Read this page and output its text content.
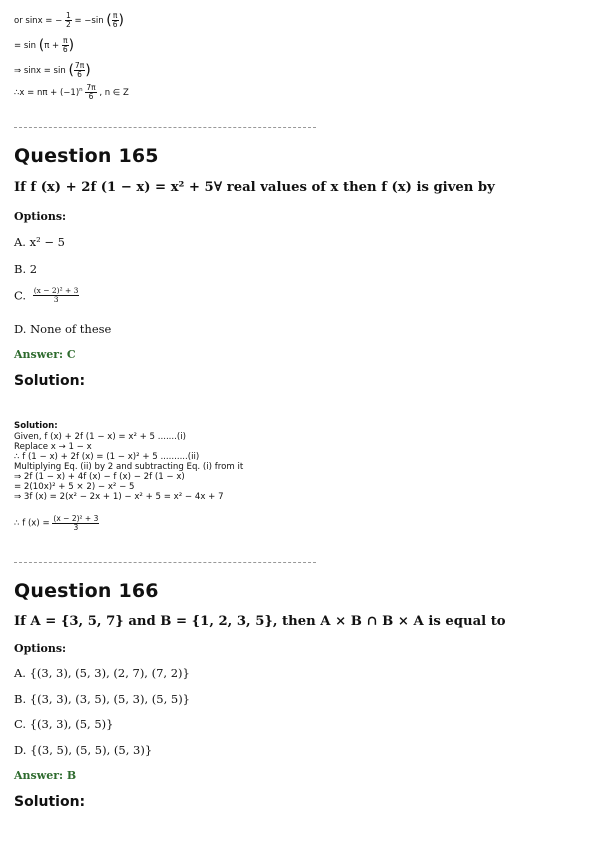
or sinx = − $\frac{1}{2} = -\sin$ ( $\frac{\pi}{6}$ )
= $\sin (\pi + \frac{\pi}{6}$ )
⇒ sinx = sin ( $\frac{7\pi}{6}$ )
∴x = $n\pi + (-1)^n \frac{7\pi}{6}$ , n ∈ Z
Question 165
If f (x) + 2f (1 − x) = x² + 5∀ real values of x then f (x) is given by
Options:
A. x² − 5
B. 2
C. $\frac{\text{(x − 2)² + 3}}{3}$
D. None of these
Answer: C
Solution:
Solution:
Given, f (x) + 2f (1 − x) = x² + 5 .......(i)
Replace x → 1 − x
∴ f (1 − x) + 2f (x) = (1 − x)² + 5 ..........(ii)
Multiplying Eq. (ii) by 2 and subtracting Eq. (i) from it
⇒ 2f (1 − x) + 4f (x) − f (x) − 2f (1 − x)
= 2(10x)² + 5 × 2) − x² − 5
⇒ 3f (x) = 2(x² − 2x + 1) − x² + 5 = x² − 4x + 7
∴ f $(x) = \frac{\text{(x − 2)² + 3}}{3}$
Question 166
If A = {3, 5, 7} and B = {1, 2, 3, 5}, then A × B ∩ B × A is equal to
Options:
A. {(3, 3), (5, 3), (2, 7), (7, 2)}
B. {(3, 3), (3, 5), (5, 3), (5, 5)}
C. {(3, 3), (5, 5)}
D. {(3, 5), (5, 5), (5, 3)}
Answer: B
Solution:
